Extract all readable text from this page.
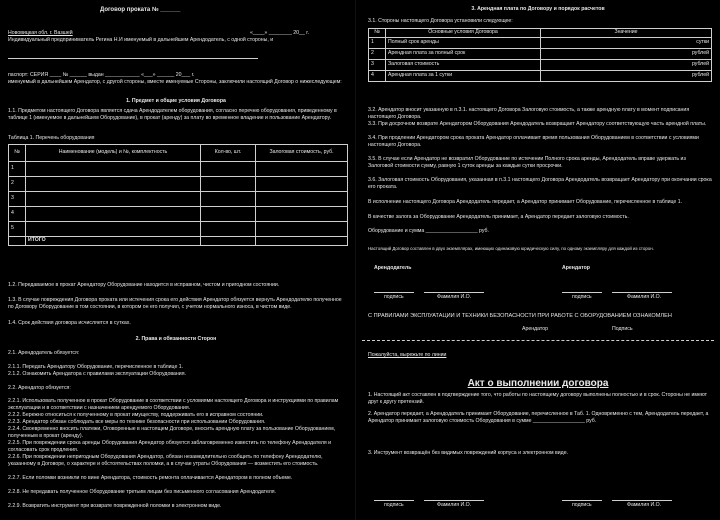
Договор проката № ______
Нововицкая обл. г. Вазшей	«____» ________ 20__ г.
Индивидуальный предприниматель Регина Н.И именуемый в дальнейшем Арендодатель, с одной стороны, и
паспорт: СЕРИЯ ____ № ______ выдан ____________ «___» ______ 20___ г.
именуемый в дальнейшем Арендатор, с другой стороны, вместе именуемые Стороны, заключили настоящий Договор о нижеследующем:
1. Предмет и общие условия Договора
1.1. Предметом настоящего Договора является сдача Арендодателем оборудования, согласно перечню оборудования, приведенному в таблице 1 (именуемое в дальнейшем Оборудование), в прокат (аренду) за плату во временное владение и пользование Арендатору.
Таблица 1. Перечень оборудования
№	Наименование (модель) и №, комплектность	Кол-во, шт.	Залоговая стоимость, руб.
1			
2			
3			
4			
5			
	ИТОГО		
1.2. Передаваемое в прокат Арендатору Оборудование находится в исправном, чистом и пригодном состоянии.
1.3. В случае повреждения Договора проката или истечения срока его действия Арендатор обязуется вернуть Арендодателю полученное по Договору Оборудование в том состоянии, в котором он его получил, с учетом нормального износа, в чистом виде.
1.4. Срок действия договора исчисляется в сутках.
2. Права и обязанности Сторон
2.1. Арендодатель обязуется:
2.1.1. Передать Арендатору Оборудование, перечисленное в таблице 1.
2.1.2. Ознакомить Арендатора с правилами эксплуатации Оборудования.
2.2. Арендатор обязуется:
2.2.1. Использовать полученное в прокат Оборудование в соответствии с условиями настоящего Договора и инструкциями по правилам эксплуатации и в соответствии с назначением арендуемого Оборудования.
2.2.2. Бережно относиться к полученному в прокат имуществу, поддерживать его в исправном состоянии.
2.2.3. Арендатор обязан соблюдать все меры по технике безопасности при использовании Оборудования.
2.2.4. Своевременно вносить платежи, Оговоренные в настоящем Договоре, вносить арендную плату за пользование Оборудованием, полученным в прокат (аренду).
2.2.5. При повреждении срока аренды Оборудования Арендатор обязуется заблаговременно известить по телефону Арендодателя и согласовать срок продления.
2.2.6. При повреждении непригодным Оборудования Арендатор, обязан незамедлительно сообщить по телефону Арендодателю, указанному в Договоре, о характере и обстоятельствах поломки, а в случае утраты Оборудования — возместить его стоимость.
2.2.7. Если поломки возникли по вине Арендатора, стоимость ремонта оплачивается Арендатором в полном объеме.
2.2.8. Не передавать полученное Оборудование третьим лицам без письменного согласования Арендодателя.
2.2.9. Возвратить инструмент при возврате поврежденной поломки в электронном виде.
3. Арендная плата по Договору и порядок расчетов
3.1. Стороны настоящего Договора установили следующее:
№	Основные условия Договора	Значение
1	Полный срок аренды	сутки
2	Арендная плата за полный срок	рублей
3	Залоговая стоимость	рублей
4	Арендная плата за 1 сутки	рублей
3.2. Арендатор вносит указанную в п.3.1. настоящего Договора Залоговую стоимость, а также арендную плату в момент подписания настоящего Договора.
3.3. При досрочном возврате Арендатором Оборудования Арендодатель возвращает Арендатору соответствующую часть арендной платы.
3.4. При продлении Арендатором срока проката Арендатор оплачивает время пользования Оборудованием в соответствии с условиями настоящего Договора.
3.5. В случае если Арендатор не возвратил Оборудование по истечении Полного срока аренды, Арендодатель вправе удержать из Залоговой стоимости сумму, равную 1 суток аренды за каждые сутки просрочки.
3.6. Залоговая стоимость Оборудования, указанная в п.3.1 настоящего Договора Арендодатель возвращает Арендатору при окончании срока его проката.
В исполнение настоящего Договора Арендодатель передает, а Арендатор принимает Оборудование, перечисленное в таблице 1.
В качестве залога за Оборудование Арендодатель принимает, а Арендатор передает залоговую стоимость.
Оборудование и сумма __________________ руб.
Настоящий Договор составлен в двух экземплярах, имеющих одинаковую юридическую силу, по одному экземпляру для каждой из сторон.
Арендодатель	Арендатор
подпись	Фамилия И.О.	подпись	Фамилия И.О.
С ПРАВИЛАМИ ЭКСПЛУАТАЦИИ И ТЕХНИКИ БЕЗОПАСНОСТИ ПРИ РАБОТЕ С ОБОРУДОВАНИЕМ ОЗНАКОМЛЕН
Арендатор	Подпись
Пожалуйста, вырежьте по линии
Акт о выполнении договора
1. Настоящий акт составлен в подтверждение того, что работы по настоящему договору выполнены полностью и в срок. Стороны не имеют друг к другу претензий.
2. Арендатор передает, а Арендодатель принимает Оборудование, перечисленное в Таб. 1. Одновременно с тем, Арендодатель передает, а Арендатор принимает залоговую стоимость Оборудования в сумме __________________ руб.
3. Инструмент возвращён без видимых повреждений корпуса и электронном виде.
подпись	Фамилия И.О.	подпись	Фамилия И.О.
